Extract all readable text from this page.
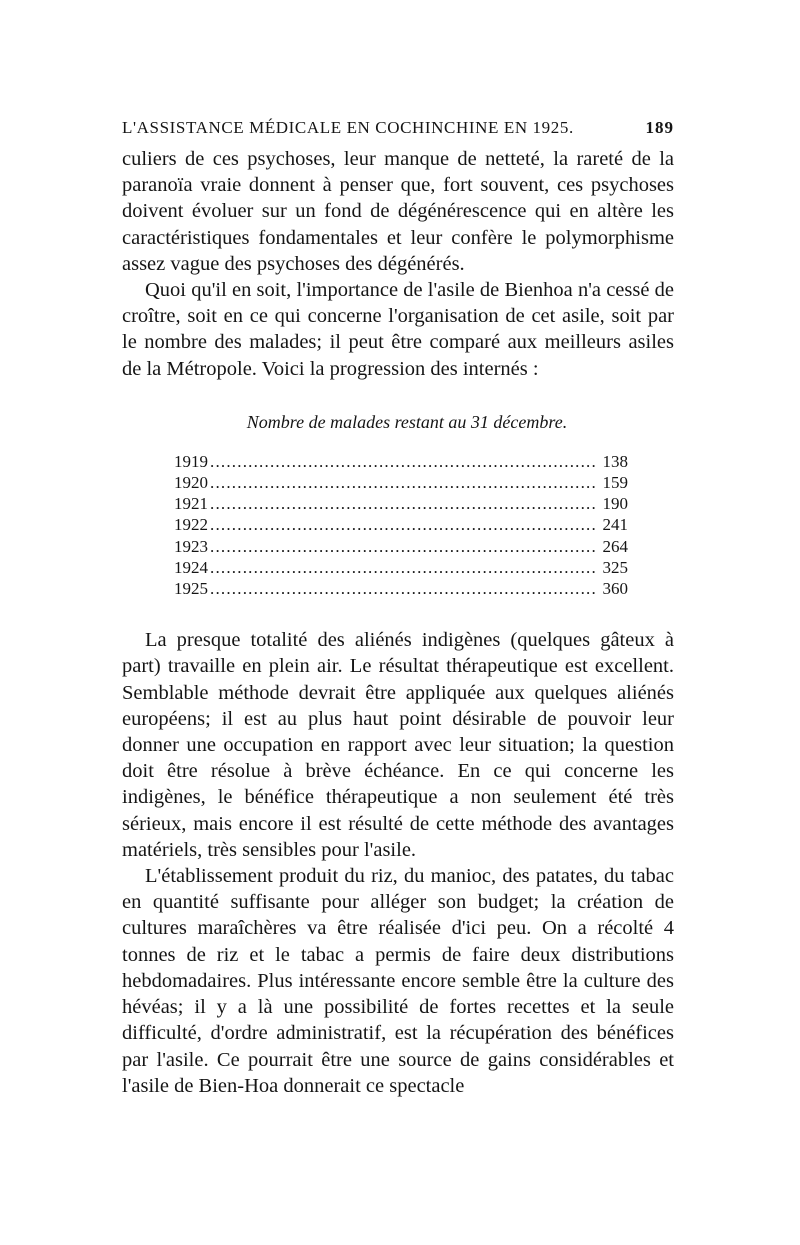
L'ASSISTANCE MÉDICALE EN COCHINCHINE EN 1925.	189

culiers de ces psychoses, leur manque de netteté, la rareté de la paranoïa vraie donnent à penser que, fort souvent, ces psychoses doivent évoluer sur un fond de dégénérescence qui en altère les caractéristiques fondamentales et leur confère le polymorphisme assez vague des psychoses des dégénérés.

Quoi qu'il en soit, l'importance de l'asile de Bienhoa n'a cessé de croître, soit en ce qui concerne l'organisation de cet asile, soit par le nombre des malades; il peut être comparé aux meilleurs asiles de la Métropole. Voici la progression des internés :

Nombre de malades restant au 31 décembre.
1919 .....	138
1920 .....	159
1921 .....	190
1922 .....	241
1923 .....	264
1924 .....	325
1925 .....	360

La presque totalité des aliénés indigènes (quelques gâteux à part) travaille en plein air. Le résultat thérapeutique est excellent. Semblable méthode devrait être appliquée aux quelques aliénés européens; il est au plus haut point désirable de pouvoir leur donner une occupation en rapport avec leur situation; la question doit être résolue à brève échéance. En ce qui concerne les indigènes, le bénéfice thérapeutique a non seulement été très sérieux, mais encore il est résulté de cette méthode des avantages matériels, très sensibles pour l'asile.

L'établissement produit du riz, du manioc, des patates, du tabac en quantité suffisante pour alléger son budget; la création de cultures maraîchères va être réalisée d'ici peu. On a récolté 4 tonnes de riz et le tabac a permis de faire deux distributions hebdomadaires. Plus intéressante encore semble être la culture des hévéas; il y a là une possibilité de fortes recettes et la seule difficulté, d'ordre administratif, est la récupération des bénéfices par l'asile. Ce pourrait être une source de gains considérables et l'asile de Bien-Hoa donnerait ce spectacle
